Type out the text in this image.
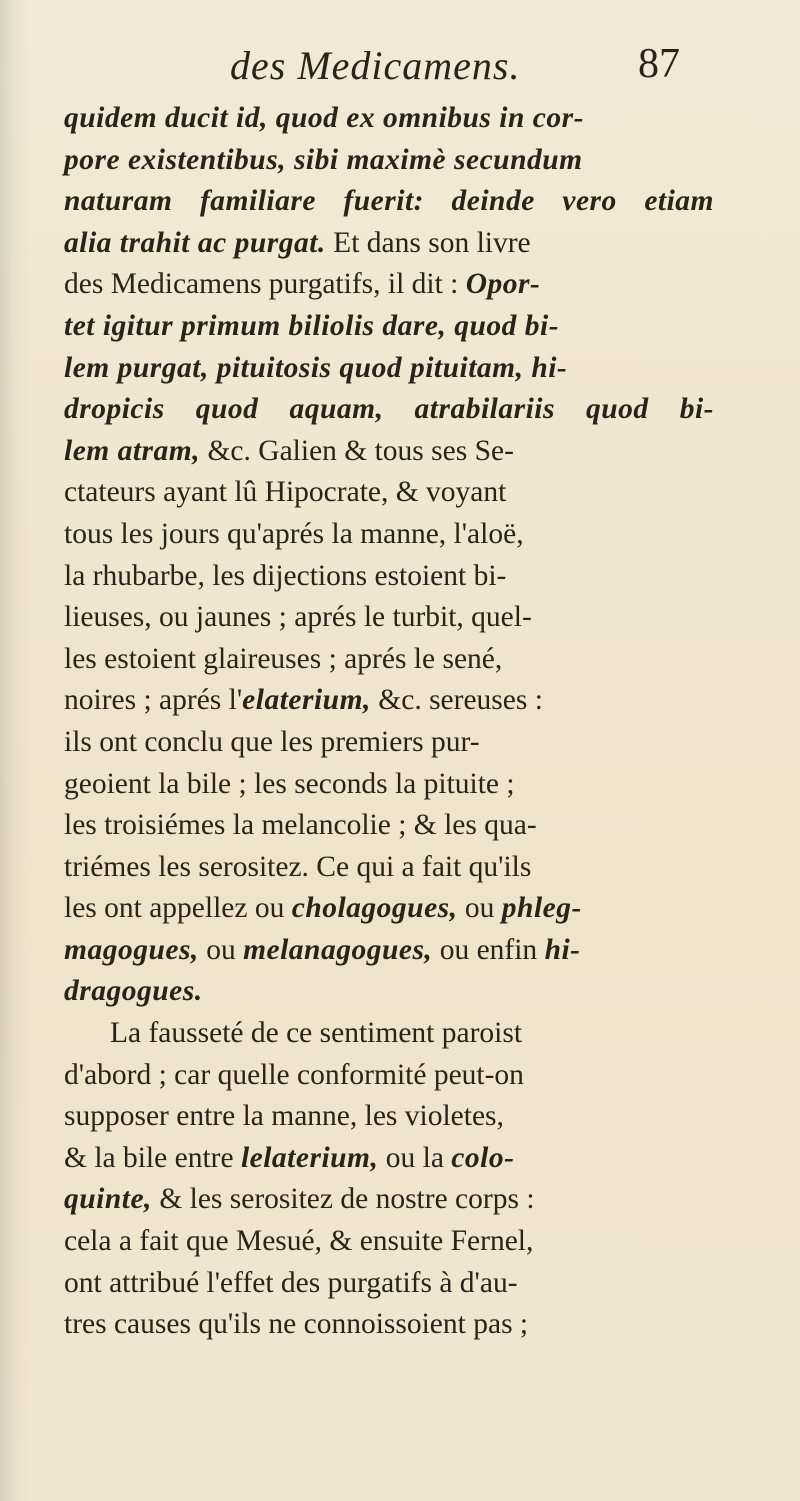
des Medicamens.	87
quidem ducit id, quod ex omnibus in cor-
pore existentibus, sibi maximè secundum
naturam familiare fuerit: deinde vero etiam
alia trahit ac purgat. Et dans son livre
des Medicamens purgatifs, il dit : Opor-
tet igitur primum biliolis dare, quod bi-
lem purgat, pituitosis quod pituitam, hi-
dropicis quod aquam, atrabilariis quod bi-
lem atram, &c. Galien & tous ses Se-
ctateurs ayant lû Hipocrate, & voyant
tous les jours qu'aprés la manne, l'aloë,
la rhubarbe, les dijections estoient bi-
lieuses, ou jaunes ; aprés le turbit, quel-
les estoient glaireuses ; aprés le sené,
noires ; aprés l'elaterium, &c. sereuses :
ils ont conclu que les premiers pur-
geoient la bile ; les seconds la pituite ;
les troisiémes la melancolie ; & les qua-
triémes les serositez. Ce qui a fait qu'ils
les ont appellez ou cholagogues, ou phleg-
magogues, ou melanagogues, ou enfin hi-
dragogues.
La fausseté de ce sentiment paroist
d'abord ; car quelle conformité peut-on
supposer entre la manne, les violetes,
& la bile entre lelaterium, ou la colo-
quinte, & les serositez de nostre corps :
cela a fait que Mesué, & ensuite Fernel,
ont attribué l'effet des purgatifs à d'au-
tres causes qu'ils ne connoissoient pas ;
